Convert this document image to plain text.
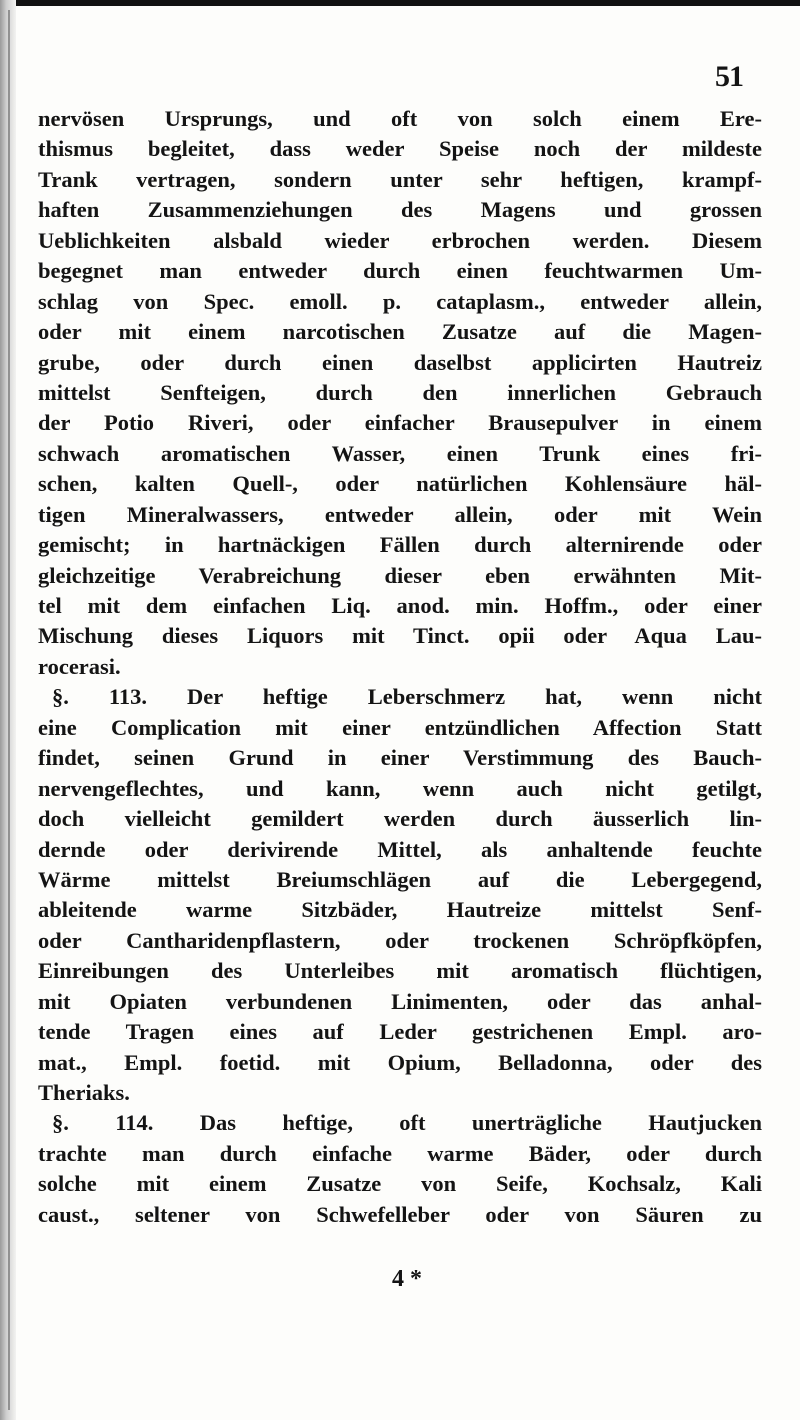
51
nervösen Ursprungs, und oft von solch einem Ere-
thismus begleitet, dass weder Speise noch der mildeste
Trank vertragen, sondern unter sehr heftigen, krampf-
haften Zusammenziehungen des Magens und grossen
Ueblichkeiten alsbald wieder erbrochen werden. Diesem
begegnet man entweder durch einen feuchtwarmen Um-
schlag von Spec. emoll. p. cataplasm., entweder allein,
oder mit einem narcotischen Zusatze auf die Magen-
grube, oder durch einen daselbst applicirten Hautreiz
mittelst Senfteigen, durch den innerlichen Gebrauch
der Potio Riveri, oder einfacher Brausepulver in einem
schwach aromatischen Wasser, einen Trunk eines fri-
schen, kalten Quell-, oder natürlichen Kohlensäure häl-
tigen Mineralwassers, entweder allein, oder mit Wein
gemischt; in hartnäckigen Fällen durch alternirende oder
gleichzeitige Verabreichung dieser eben erwähnten Mit-
tel mit dem einfachen Liq. anod. min. Hoffm., oder einer
Mischung dieses Liquors mit Tinct. opii oder Aqua Lau-
rocerasi.
§. 113. Der heftige Leberschmerz hat, wenn nicht
eine Complication mit einer entzündlichen Affection Statt
findet, seinen Grund in einer Verstimmung des Bauch-
nervengeflechtes, und kann, wenn auch nicht getilgt,
doch vielleicht gemildert werden durch äusserlich lin-
dernde oder derivirende Mittel, als anhaltende feuchte
Wärme mittelst Breiumschlägen auf die Lebergegend,
ableitende warme Sitzbäder, Hautreize mittelst Senf-
oder Cantharidenpflastern, oder trockenen Schröpfköpfen,
Einreibungen des Unterleibes mit aromatisch flüchtigen,
mit Opiaten verbundenen Linimenten, oder das anhal-
tende Tragen eines auf Leder gestrichenen Empl. aro-
mat., Empl. foetid. mit Opium, Belladonna, oder des
Theriaks.
§. 114. Das heftige, oft unerträgliche Hautjucken
trachte man durch einfache warme Bäder, oder durch
solche mit einem Zusatze von Seife, Kochsalz, Kali
caust., seltener von Schwefelleber oder von Säuren zu
4 *
